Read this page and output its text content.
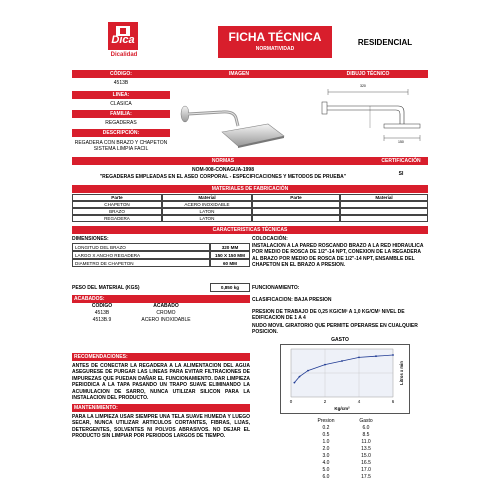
Dica
Dicalidad
FICHA TÉCNICA
NORMATIVIDAD
RESIDENCIAL
CÓDIGO:	IMAGEN	DIBUJO TÉCNICO
4513B
LINEA:
CLASICA
FAMILIA:
REGADERAS
DESCRIPCIÓN:
REGADERA CON BRAZO Y CHAPETON SISTEMA LIMPIA FACIL
320
150
NORMAS	CERTIFICACIÓN
NOM-008-CONAGUA-1998
"REGADERAS EMPLEADAS EN EL ASEO CORPORAL - ESPECIFICACIONES Y METODOS DE PRUEBA"	SI
MATERIALES DE FABRICACIÓN
Parte	Material	Parte	Material
CHAPETON	ACERO INOXIDABLE
BRAZO	LATON
REGADERA	LATON
CARACTERISTICAS TÉCNICAS
DIMENSIONES:
LONGITUD DEL BRAZO	320 MM
LARGO X ANCHO REGADERA	150 X 150 MM
DIAMETRO DE CHAPETON	60 MM
COLOCACIÓN:
INSTALACION A LA PARED ROSCANDO BRAZO A LA RED HIDRAULICA POR MEDIO DE ROSCA DE 1/2"-14 NPT, CONEXION DE LA REGADERA AL BRAZO POR MEDIO DE ROSCA DE 1/2"-14 NPT, ENSAMBLE DEL CHAPETON EN EL BRAZO A PRESION.
PESO DEL MATERIAL (KGS)	0,850 kg	FUNCIONAMIENTO:
ACABADOS:
CODIGO	ACABADO
4513B	CROMO
4513B.9	ACERO INOXIDABLE
CLASIFICACION: BAJA PRESION
PRESION DE TRABAJO DE 0,25 KG/CM² A 1,0 KG/CM² NIVEL DE EDIFICACION DE 1 A 4
NUDO MOVIL GIRATORIO QUE PERMITE OPERARSE EN CUALQUIER POSICION.
GASTO
0	2	4	6
Kg/cm²
Litros x min
Presion	Gasto
0.2	6.0
0.5	8.5
1.0	11.0
2.0	13.5
3.0	15.0
4.0	16.5
5.0	17.0
6.0	17.5
RECOMENDACIONES:
ANTES DE CONECTAR LA REGADERA A LA ALIMENTACION DEL AGUA ASEGURESE DE PURGAR LAS LINEAS PARA EVITAR FILTRACIONES DE IMPUREZAS QUE PUEDAN DAÑAR EL FUNCIONAMIENTO. DAR LIMPIEZA PERIODICA A LA TAPA PASANDO UN TRAPO SUAVE ELIMINANDO LA ACUMULACION DE SARRO, NUNCA UTILIZAR SILICON PARA LA INSTALACION DEL PRODUCTO.
MANTENIMIENTO:
PARA LA LIMPIEZA USAR SIEMPRE UNA TELA SUAVE HUMEDA Y LUEGO SECAR, NUNCA UTILIZAR ARTICULOS CORTANTES, FIBRAS, LIJAS, DETERGENTES, SOLVENTES NI POLVOS ABRASIVOS. NO DEJAR EL PRODUCTO SIN LIMPIAR POR PERIODOS LARGOS DE TIEMPO.
